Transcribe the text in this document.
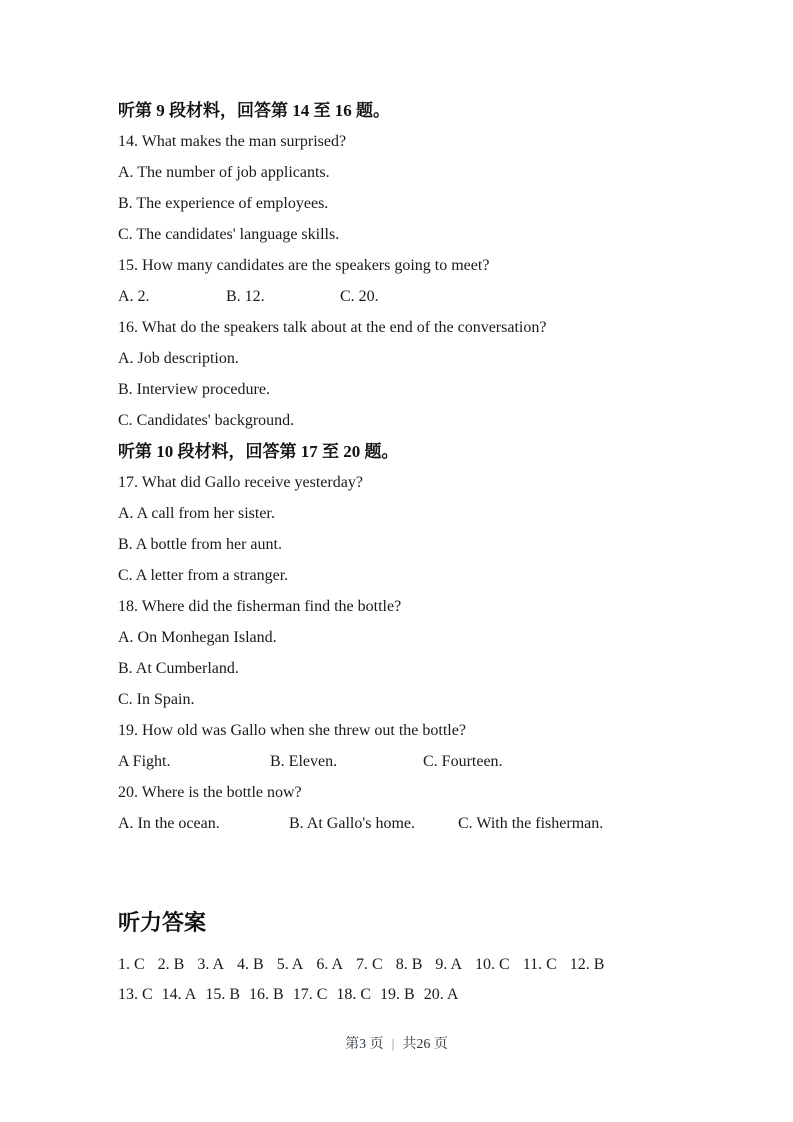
听第 9 段材料，回答第 14 至 16 题。
14. What makes the man surprised?
A. The number of job applicants.
B. The experience of employees.
C. The candidates' language skills.
15. How many candidates are the speakers going to meet?
A. 2.	B. 12.	C. 20.
16. What do the speakers talk about at the end of the conversation?
A. Job description.
B. Interview procedure.
C. Candidates' background.
听第 10 段材料，回答第 17 至 20 题。
17. What did Gallo receive yesterday?
A. A call from her sister.
B. A bottle from her aunt.
C. A letter from a stranger.
18. Where did the fisherman find the bottle?
A. On Monhegan Island.
B. At Cumberland.
C. In Spain.
19. How old was Gallo when she threw out the bottle?
A Fight.	B. Eleven.	C. Fourteen.
20. Where is the bottle now?
A. In the ocean.	B. At Gallo's home.	C. With the fisherman.
听力答案
1. C 2. B 3. A 4. B 5. A 6. A 7. C 8. B 9. A 10. C 11. C 12. B
13. C 14. A 15. B 16. B 17. C 18. C 19. B 20. A
第3 页 | 共26 页
